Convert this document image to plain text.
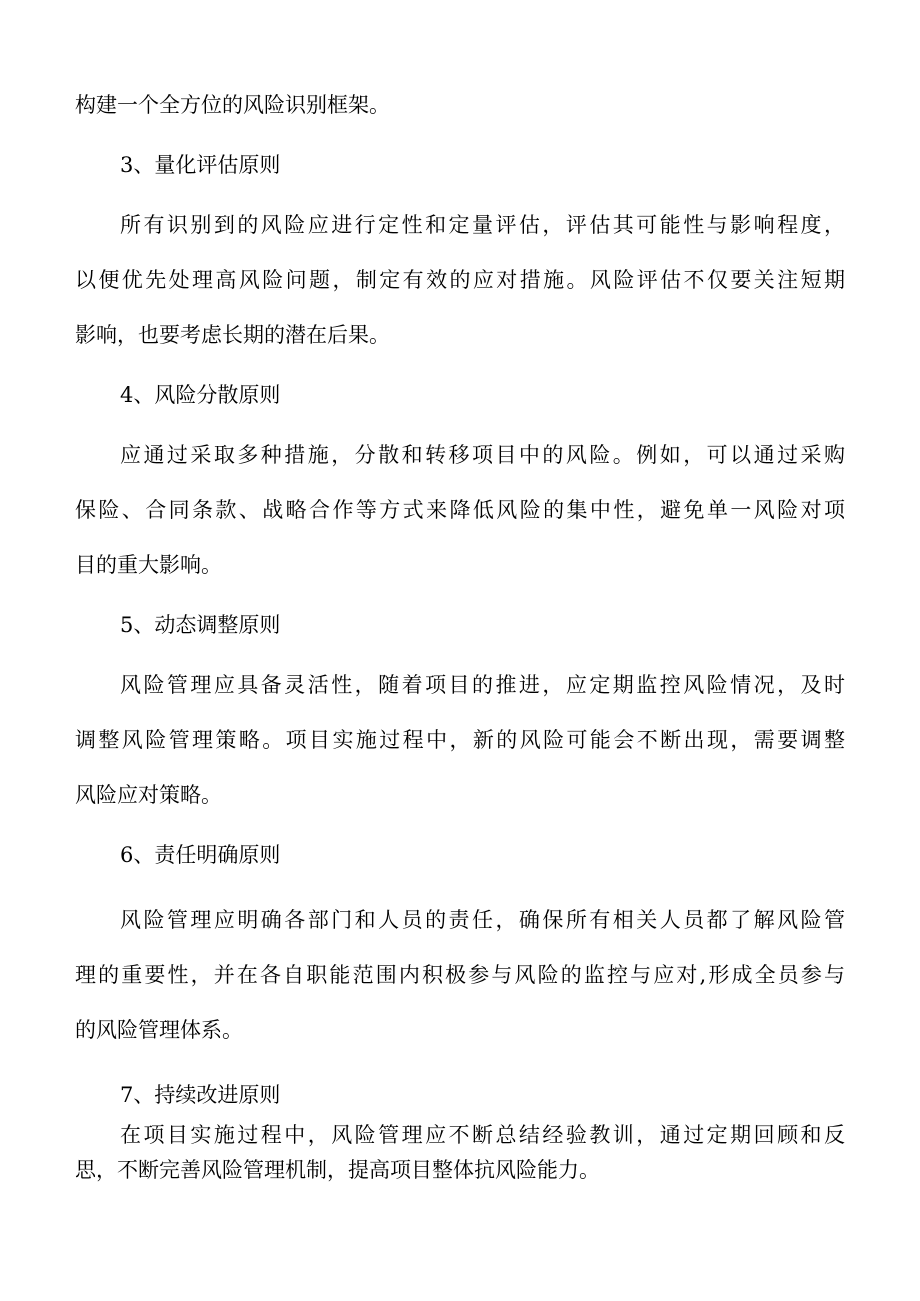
构建一个全方位的风险识别框架。
3、量化评估原则
所有识别到的风险应进行定性和定量评估，评估其可能性与影响程度，
以便优先处理高风险问题，制定有效的应对措施。风险评估不仅要关注短期
影响，也要考虑长期的潜在后果。
4、风险分散原则
应通过采取多种措施，分散和转移项目中的风险。例如，可以通过采购
保险、合同条款、战略合作等方式来降低风险的集中性，避免单一风险对项
目的重大影响。
5、动态调整原则
风险管理应具备灵活性，随着项目的推进，应定期监控风险情况，及时
调整风险管理策略。项目实施过程中，新的风险可能会不断出现，需要调整
风险应对策略。
6、责任明确原则
风险管理应明确各部门和人员的责任，确保所有相关人员都了解风险管
理的重要性，并在各自职能范围内积极参与风险的监控与应对,形成全员参与
的风险管理体系。
7、持续改进原则
在项目实施过程中，风险管理应不断总结经验教训，通过定期回顾和反
思，不断完善风险管理机制，提高项目整体抗风险能力。
